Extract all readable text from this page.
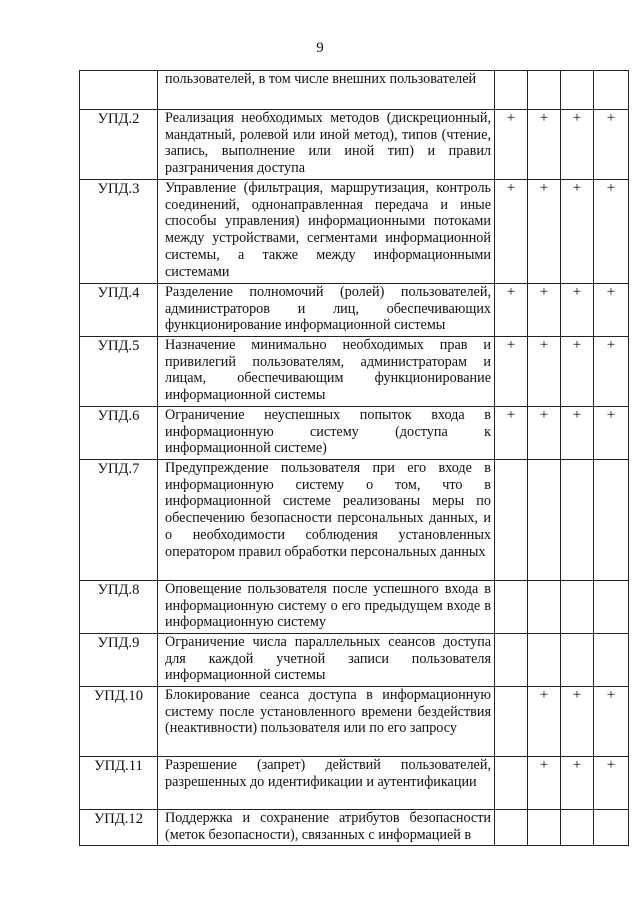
9

	пользователей, в том числе внешних пользователей				

УПД.2	Реализация необходимых методов (дискреционный, мандатный, ролевой или иной метод), типов (чтение, запись, выполнение или иной тип) и правил разграничения доступа	+	+	+	+
УПД.3	Управление (фильтрация, маршрутизация, контроль соединений, однонаправленная передача и иные способы управления) информационными потоками между устройствами, сегментами информационной системы, а также между информационными системами	+	+	+	+
УПД.4	Разделение полномочий (ролей) пользователей, администраторов и лиц, обеспечивающих функционирование информационной системы	+	+	+	+
УПД.5	Назначение минимально необходимых прав и привилегий пользователям, администраторам и лицам, обеспечивающим функционирование информационной системы	+	+	+	+
УПД.6	Ограничение неуспешных попыток входа в информационную систему (доступа к информационной системе)	+	+	+	+
УПД.7	Предупреждение пользователя при его входе в информационную систему о том, что в информационной системе реализованы меры по обеспечению безопасности персональных данных, и о необходимости соблюдения установленных оператором правил обработки персональных данных				

УПД.8	Оповещение пользователя после успешного входа в информационную систему о его предыдущем входе в информационную систему				

УПД.9	Ограничение числа параллельных сеансов доступа для каждой учетной записи пользователя информационной системы				

УПД.10	Блокирование сеанса доступа в информационную систему после установленного времени бездействия (неактивности) пользователя или по его запросу		+	+	+
УПД.11	Разрешение (запрет) действий пользователей, разрешенных до идентификации и аутентификации		+	+	+
УПД.12	Поддержка и сохранение атрибутов безопасности (меток безопасности), связанных с информацией в				
